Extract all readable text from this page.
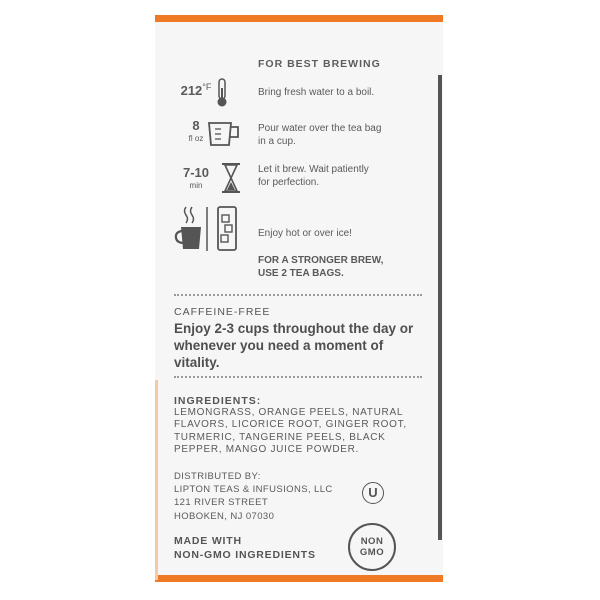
FOR BEST BREWING
$212^{^\circ F}$	Bring fresh water to a boil.
8
fl oz
Pour water over the tea bag in a cup.
7-10
min
Let it brew. Wait patiently for perfection.
Enjoy hot or over ice!
FOR A STRONGER BREW,
USE 2 TEA BAGS.
CAFFEINE-FREE
Enjoy 2-3 cups throughout the day or whenever you need a moment of vitality.
INGREDIENTS:
LEMONGRASS, ORANGE PEELS, NATURAL FLAVORS, LICORICE ROOT, GINGER ROOT, TURMERIC, TANGERINE PEELS, BLACK PEPPER, MANGO JUICE POWDER.
DISTRIBUTED BY:
LIPTON TEAS & INFUSIONS, LLC
121 RIVER STREET
HOBOKEN, NJ 07030
U
MADE WITH
NON-GMO INGREDIENTS
NON
GMO
